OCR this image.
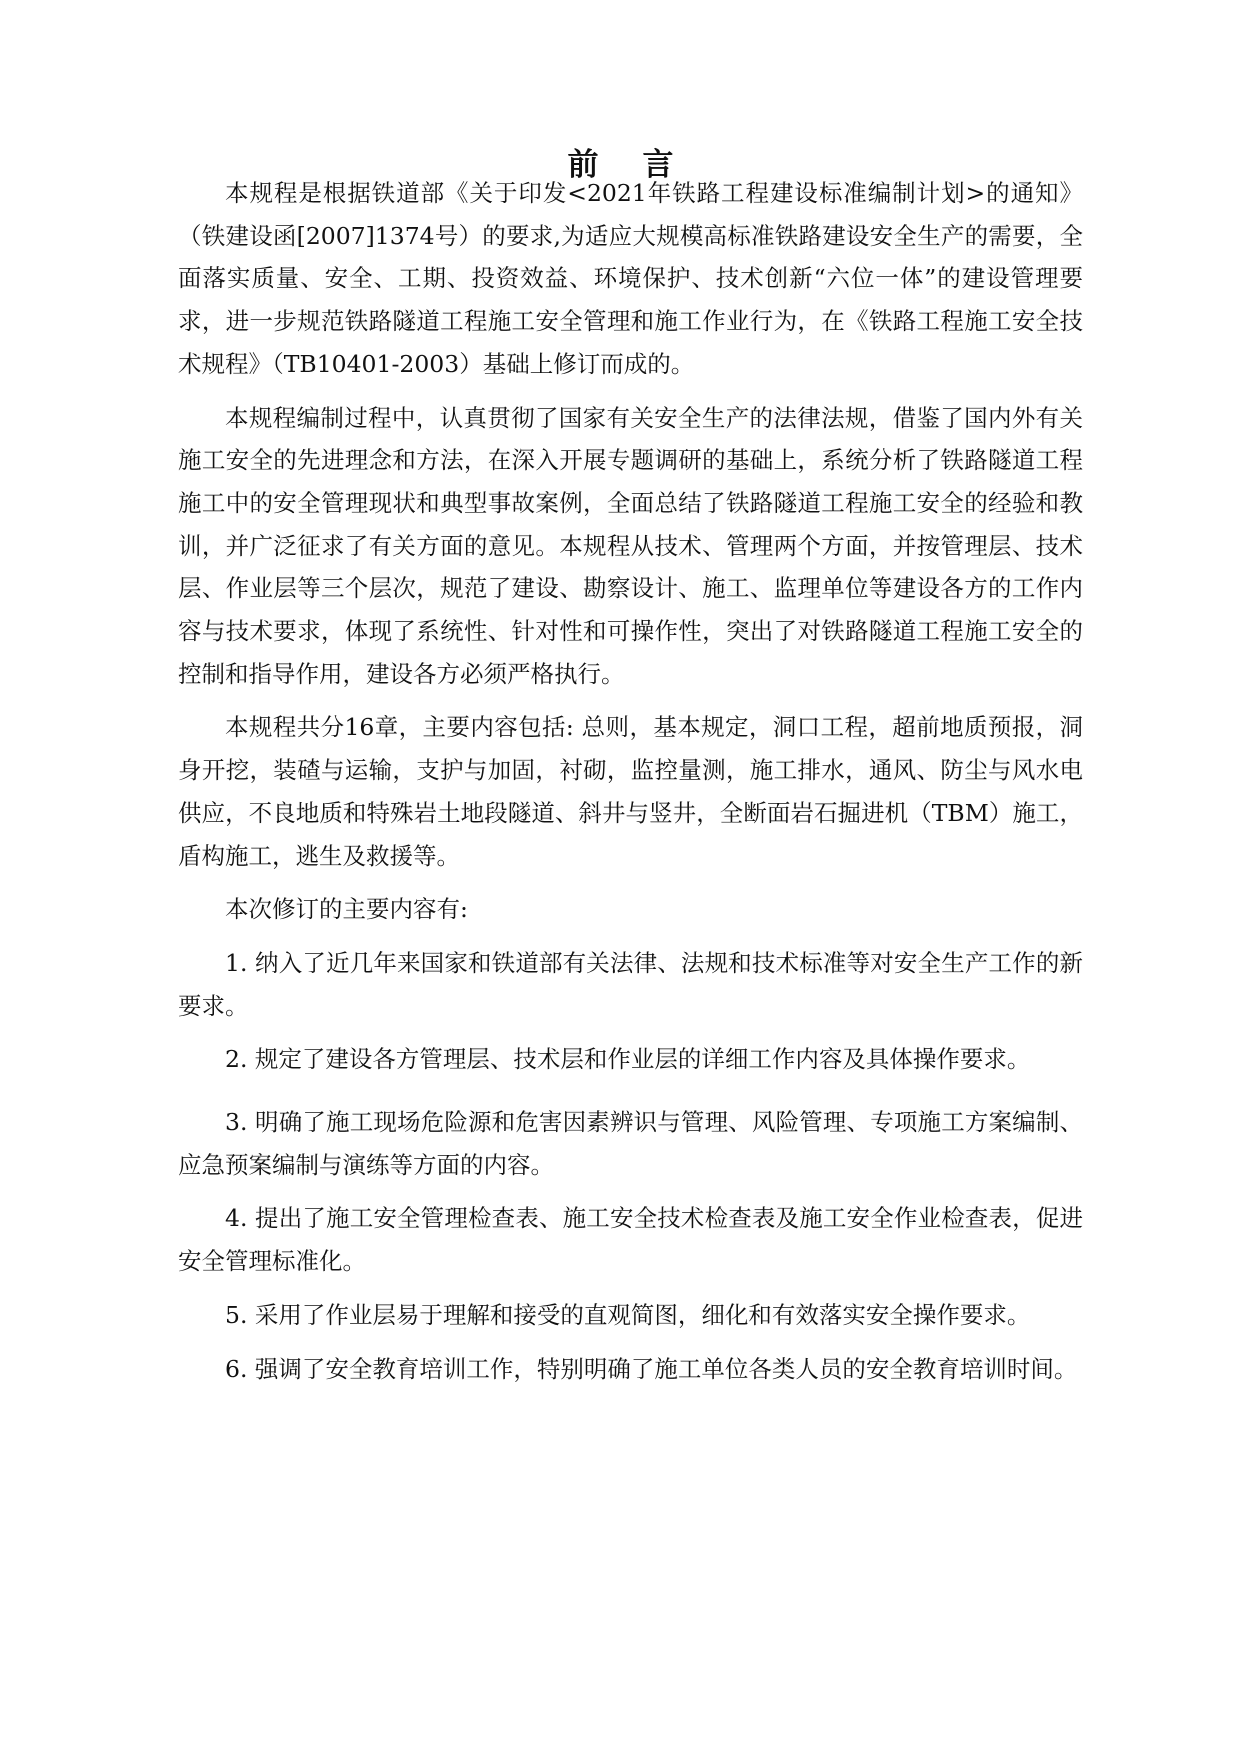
前言

本规程是根据铁道部《关于印发<2021年铁路工程建设标准编制计划>的通知》（铁建设函[2007]1374号）的要求,为适应大规模高标准铁路建设安全生产的需要，全面落实质量、安全、工期、投资效益、环境保护、技术创新“六位一体”的建设管理要求，进一步规范铁路隧道工程施工安全管理和施工作业行为，在《铁路工程施工安全技术规程》（TB10401-2003）基础上修订而成的。

本规程编制过程中，认真贯彻了国家有关安全生产的法律法规，借鉴了国内外有关施工安全的先进理念和方法，在深入开展专题调研的基础上，系统分析了铁路隧道工程施工中的安全管理现状和典型事故案例，全面总结了铁路隧道工程施工安全的经验和教训，并广泛征求了有关方面的意见。本规程从技术、管理两个方面，并按管理层、技术层、作业层等三个层次，规范了建设、勘察设计、施工、监理单位等建设各方的工作内容与技术要求，体现了系统性、针对性和可操作性，突出了对铁路隧道工程施工安全的控制和指导作用，建设各方必须严格执行。

本规程共分16章，主要内容包括: 总则，基本规定，洞口工程，超前地质预报，洞身开挖，装碴与运输，支护与加固，衬砌，监控量测，施工排水，通风、防尘与风水电供应，不良地质和特殊岩土地段隧道、斜井与竖井，全断面岩石掘进机（TBM）施工，盾构施工，逃生及救援等。

本次修订的主要内容有:

1. 纳入了近几年来国家和铁道部有关法律、法规和技术标准等对安全生产工作的新要求。

2. 规定了建设各方管理层、技术层和作业层的详细工作内容及具体操作要求。

3. 明确了施工现场危险源和危害因素辨识与管理、风险管理、专项施工方案编制、应急预案编制与演练等方面的内容。

4. 提出了施工安全管理检查表、施工安全技术检查表及施工安全作业检查表，促进安全管理标准化。

5. 采用了作业层易于理解和接受的直观简图，细化和有效落实安全操作要求。

6. 强调了安全教育培训工作，特别明确了施工单位各类人员的安全教育培训时间。
